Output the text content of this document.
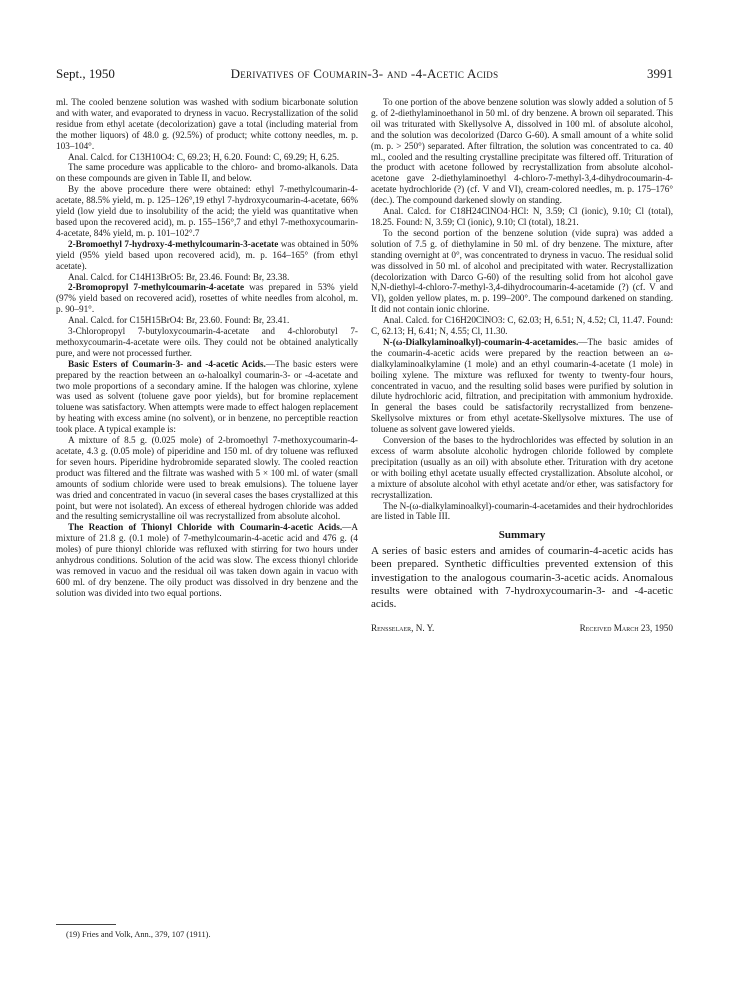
Sept., 1950	Derivatives of Coumarin-3- and -4-Acetic Acids	3991

ml. The cooled benzene solution was washed with sodium bicarbonate solution and with water, and evaporated to dryness in vacuo. Recrystallization of the solid residue from ethyl acetate (decolorization) gave a total (including material from the mother liquors) of 48.0 g. (92.5%) of product; white cottony needles, m. p. 103–104°.

Anal. Calcd. for C13H10O4: C, 69.23; H, 6.20. Found: C, 69.29; H, 6.25.

The same procedure was applicable to the chloro- and bromo-alkanols. Data on these compounds are given in Table II, and below.

By the above procedure there were obtained: ethyl 7-methylcoumarin-4-acetate, 88.5% yield, m. p. 125–126°,19 ethyl 7-hydroxycoumarin-4-acetate, 66% yield (low yield due to insolubility of the acid; the yield was quantitative when based upon the recovered acid), m. p. 155–156°,7 and ethyl 7-methoxycoumarin-4-acetate, 84% yield, m. p. 101–102°.7

2-Bromoethyl 7-hydroxy-4-methylcoumarin-3-acetate was obtained in 50% yield (95% yield based upon recovered acid), m. p. 164–165° (from ethyl acetate).

Anal. Calcd. for C14H13BrO5: Br, 23.46. Found: Br, 23.38.

2-Bromopropyl 7-methylcoumarin-4-acetate was prepared in 53% yield (97% yield based on recovered acid), rosettes of white needles from alcohol, m. p. 90–91°.

Anal. Calcd. for C15H15BrO4: Br, 23.60. Found: Br, 23.41.

3-Chloropropyl 7-butyloxycoumarin-4-acetate and 4-chlorobutyl 7-methoxycoumarin-4-acetate were oils. They could not be obtained analytically pure, and were not processed further.

Basic Esters of Coumarin-3- and -4-acetic Acids.—The basic esters were prepared by the reaction between an ω-haloalkyl coumarin-3- or -4-acetate and two mole proportions of a secondary amine. If the halogen was chlorine, xylene was used as solvent (toluene gave poor yields), but for bromine replacement toluene was satisfactory. When attempts were made to effect halogen replacement by heating with excess amine (no solvent), or in benzene, no perceptible reaction took place. A typical example is:

A mixture of 8.5 g. (0.025 mole) of 2-bromoethyl 7-methoxycoumarin-4-acetate, 4.3 g. (0.05 mole) of piperidine and 150 ml. of dry toluene was refluxed for seven hours. Piperidine hydrobromide separated slowly. The cooled reaction product was filtered and the filtrate was washed with 5 × 100 ml. of water (small amounts of sodium chloride were used to break emulsions). The toluene layer was dried and concentrated in vacuo (in several cases the bases crystallized at this point, but were not isolated). An excess of ethereal hydrogen chloride was added and the resulting semicrystalline oil was recrystallized from absolute alcohol.

The Reaction of Thionyl Chloride with Coumarin-4-acetic Acids.—A mixture of 21.8 g. (0.1 mole) of 7-methylcoumarin-4-acetic acid and 476 g. (4 moles) of pure thionyl chloride was refluxed with stirring for two hours under anhydrous conditions. Solution of the acid was slow. The excess thionyl chloride was removed in vacuo and the residual oil was taken down again in vacuo with 600 ml. of dry benzene. The oily product was dissolved in dry benzene and the solution was divided into two equal portions.

To one portion of the above benzene solution was slowly added a solution of 5 g. of 2-diethylaminoethanol in 50 ml. of dry benzene. A brown oil separated. This oil was triturated with Skellysolve A, dissolved in 100 ml. of absolute alcohol, and the solution was decolorized (Darco G-60). A small amount of a white solid (m. p. > 250°) separated. After filtration, the solution was concentrated to ca. 40 ml., cooled and the resulting crystalline precipitate was filtered off. Trituration of the product with acetone followed by recrystallization from absolute alcohol-acetone gave 2-diethylaminoethyl 4-chloro-7-methyl-3,4-dihydrocoumarin-4-acetate hydrochloride (?) (cf. V and VI), cream-colored needles, m. p. 175–176° (dec.). The compound darkened slowly on standing.

Anal. Calcd. for C18H24ClNO4·HCl: N, 3.59; Cl (ionic), 9.10; Cl (total), 18.25. Found: N, 3.59; Cl (ionic), 9.10; Cl (total), 18.21.

To the second portion of the benzene solution (vide supra) was added a solution of 7.5 g. of diethylamine in 50 ml. of dry benzene. The mixture, after standing overnight at 0°, was concentrated to dryness in vacuo. The residual solid was dissolved in 50 ml. of alcohol and precipitated with water. Recrystallization (decolorization with Darco G-60) of the resulting solid from hot alcohol gave N,N-diethyl-4-chloro-7-methyl-3,4-dihydrocoumarin-4-acetamide (?) (cf. V and VI), golden yellow plates, m. p. 199–200°. The compound darkened on standing. It did not contain ionic chlorine.

Anal. Calcd. for C16H20ClNO3: C, 62.03; H, 6.51; N, 4.52; Cl, 11.47. Found: C, 62.13; H, 6.41; N, 4.55; Cl, 11.30.

N-(ω-Dialkylaminoalkyl)-coumarin-4-acetamides.—The basic amides of the coumarin-4-acetic acids were prepared by the reaction between an ω-dialkylaminoalkylamine (1 mole) and an ethyl coumarin-4-acetate (1 mole) in boiling xylene. The mixture was refluxed for twenty to twenty-four hours, concentrated in vacuo, and the resulting solid bases were purified by solution in dilute hydrochloric acid, filtration, and precipitation with ammonium hydroxide. In general the bases could be satisfactorily recrystallized from benzene-Skellysolve mixtures or from ethyl acetate-Skellysolve mixtures. The use of toluene as solvent gave lowered yields.

Conversion of the bases to the hydrochlorides was effected by solution in an excess of warm absolute alcoholic hydrogen chloride followed by complete precipitation (usually as an oil) with absolute ether. Trituration with dry acetone or with boiling ethyl acetate usually effected crystallization. Absolute alcohol, or a mixture of absolute alcohol with ethyl acetate and/or ether, was satisfactory for recrystallization.

The N-(ω-dialkylaminoalkyl)-coumarin-4-acetamides and their hydrochlorides are listed in Table III.

Summary

A series of basic esters and amides of coumarin-4-acetic acids has been prepared. Synthetic difficulties prevented extension of this investigation to the analogous coumarin-3-acetic acids. Anomalous results were obtained with 7-hydroxycoumarin-3- and -4-acetic acids.

Rensselaer, N. Y.	Received March 23, 1950
(19) Fries and Volk, Ann., 379, 107 (1911).
